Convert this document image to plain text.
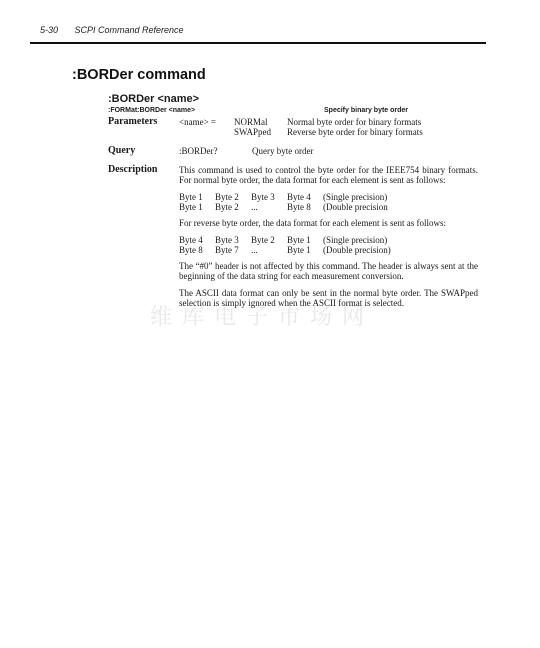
5-30 SCPI Command Reference
:BORDer command
维库电子市场网
:BORDer <name>
:FORMat:BORDer <name>	Specify binary byte order
Parameters <name> =	NORMal	Normal byte order for binary formats
SWAPped	Reverse byte order for binary formats
Query	:BORDer?	Query byte order
Description This command is used to control the byte order for the IEEE754 binary formats. For normal byte order, the data format for each element is sent as follows:

Byte 1	Byte 2	Byte 3	Byte 4	(Single precision)
Byte 1	Byte 2	...	Byte 8	(Double precision

For reverse byte order, the data format for each element is sent as follows:

Byte 4	Byte 3	Byte 2	Byte 1	(Single precision)
Byte 8	Byte 7	...	Byte 1	(Double precision)

The “#0” header is not affected by this command. The header is always sent at the beginning of the data string for each measurement conversion.

The ASCII data format can only be sent in the normal byte order. The SWAPped selection is simply ignored when the ASCII format is selected.
